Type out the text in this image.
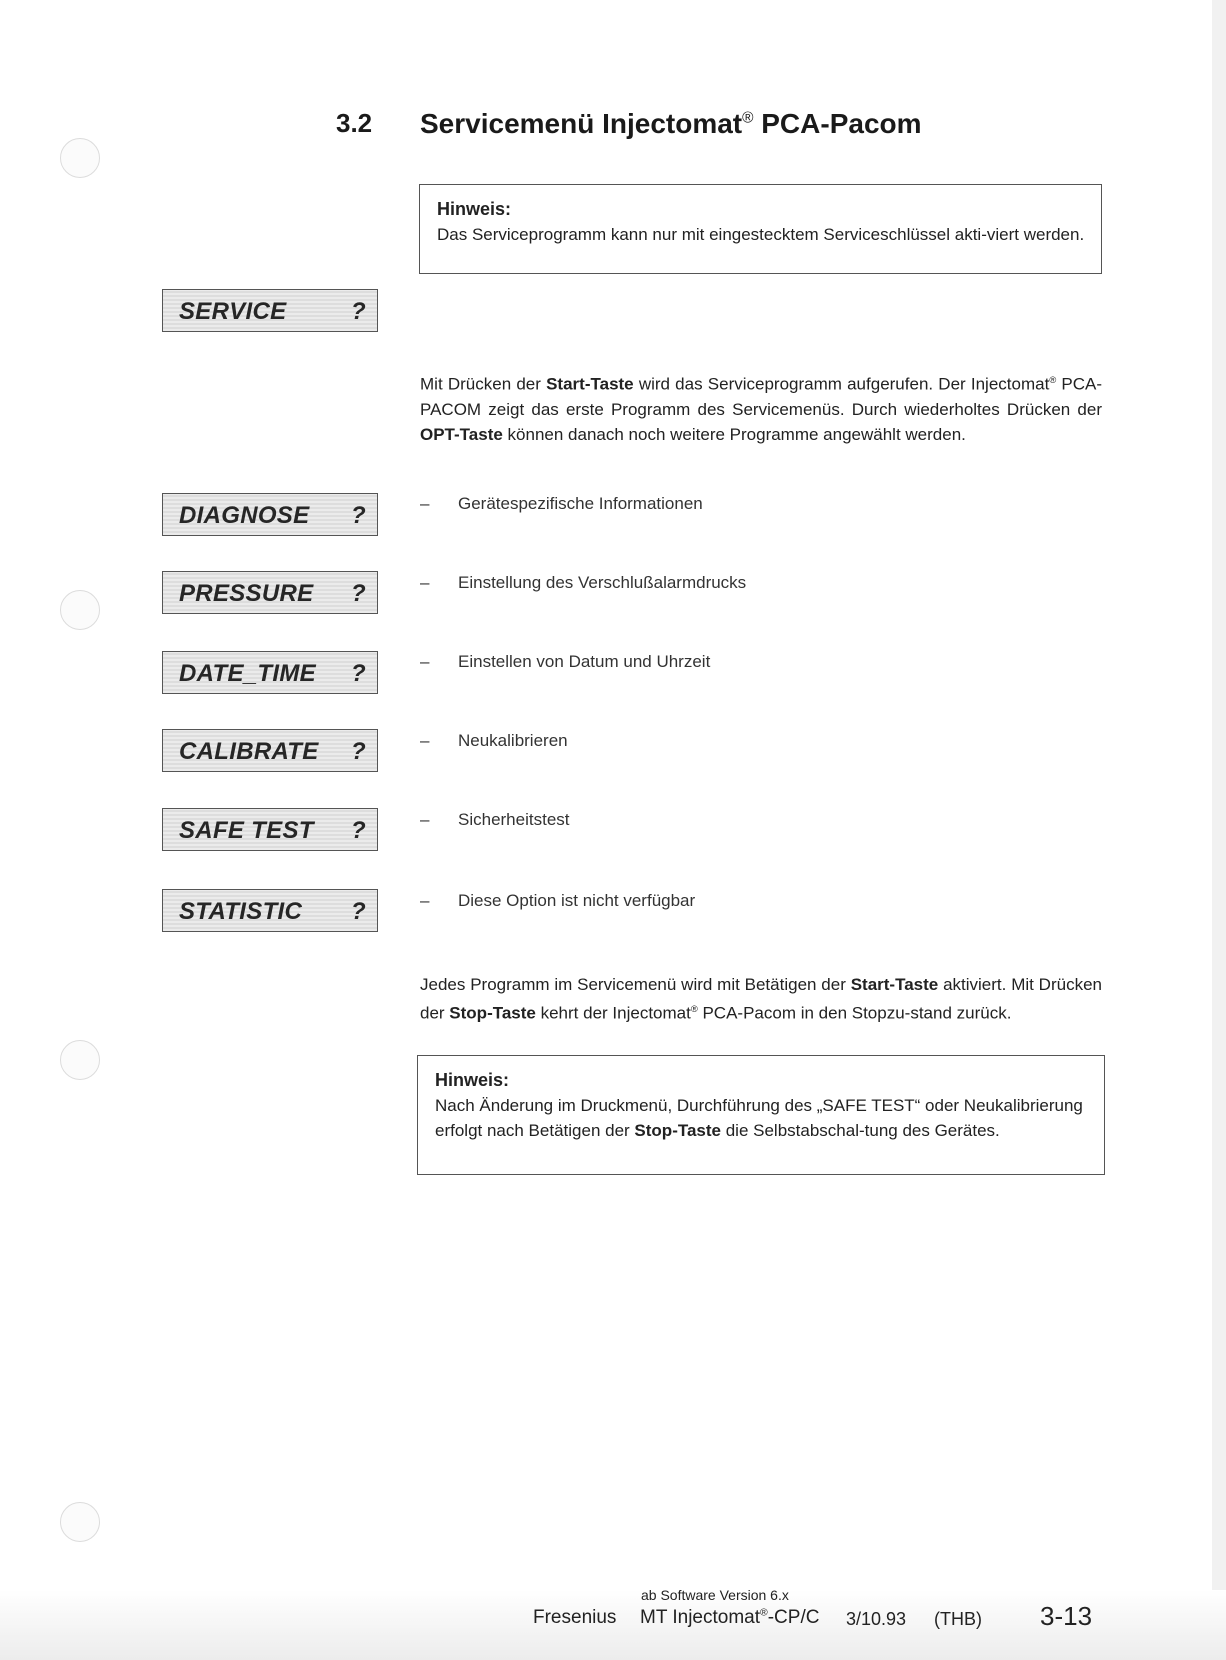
3.2 Servicemenü Injectomat® PCA-Pacom
Hinweis:
Das Serviceprogramm kann nur mit eingestecktem Serviceschlüssel akti-viert werden.
SERVICE	?
Mit Drücken der Start-Taste wird das Serviceprogramm aufgerufen. Der Injectomat® PCA-PACOM zeigt das erste Programm des Servicemenüs. Durch wiederholtes Drücken der OPT-Taste können danach noch weitere Programme angewählt werden.
DIAGNOSE ?	– Gerätespezifische Informationen
PRESSURE ?	– Einstellung des Verschlußalarmdrucks
DATE_TIME ?	– Einstellen von Datum und Uhrzeit
CALIBRATE ?	– Neukalibrieren
SAFE TEST ?	– Sicherheitstest
STATISTIC ?	– Diese Option ist nicht verfügbar
Jedes Programm im Servicemenü wird mit Betätigen der Start-Taste aktiviert. Mit Drücken der Stop-Taste kehrt der Injectomat® PCA-Pacom in den Stopzu-stand zurück.
Hinweis:
Nach Änderung im Druckmenü, Durchführung des „SAFE TEST“ oder Neukalibrierung erfolgt nach Betätigen der Stop-Taste die Selbstabschal-tung des Gerätes.
ab Software Version 6.x
Fresenius MT Injectomat®-CP/C 3/10.93 (THB) 3-13
